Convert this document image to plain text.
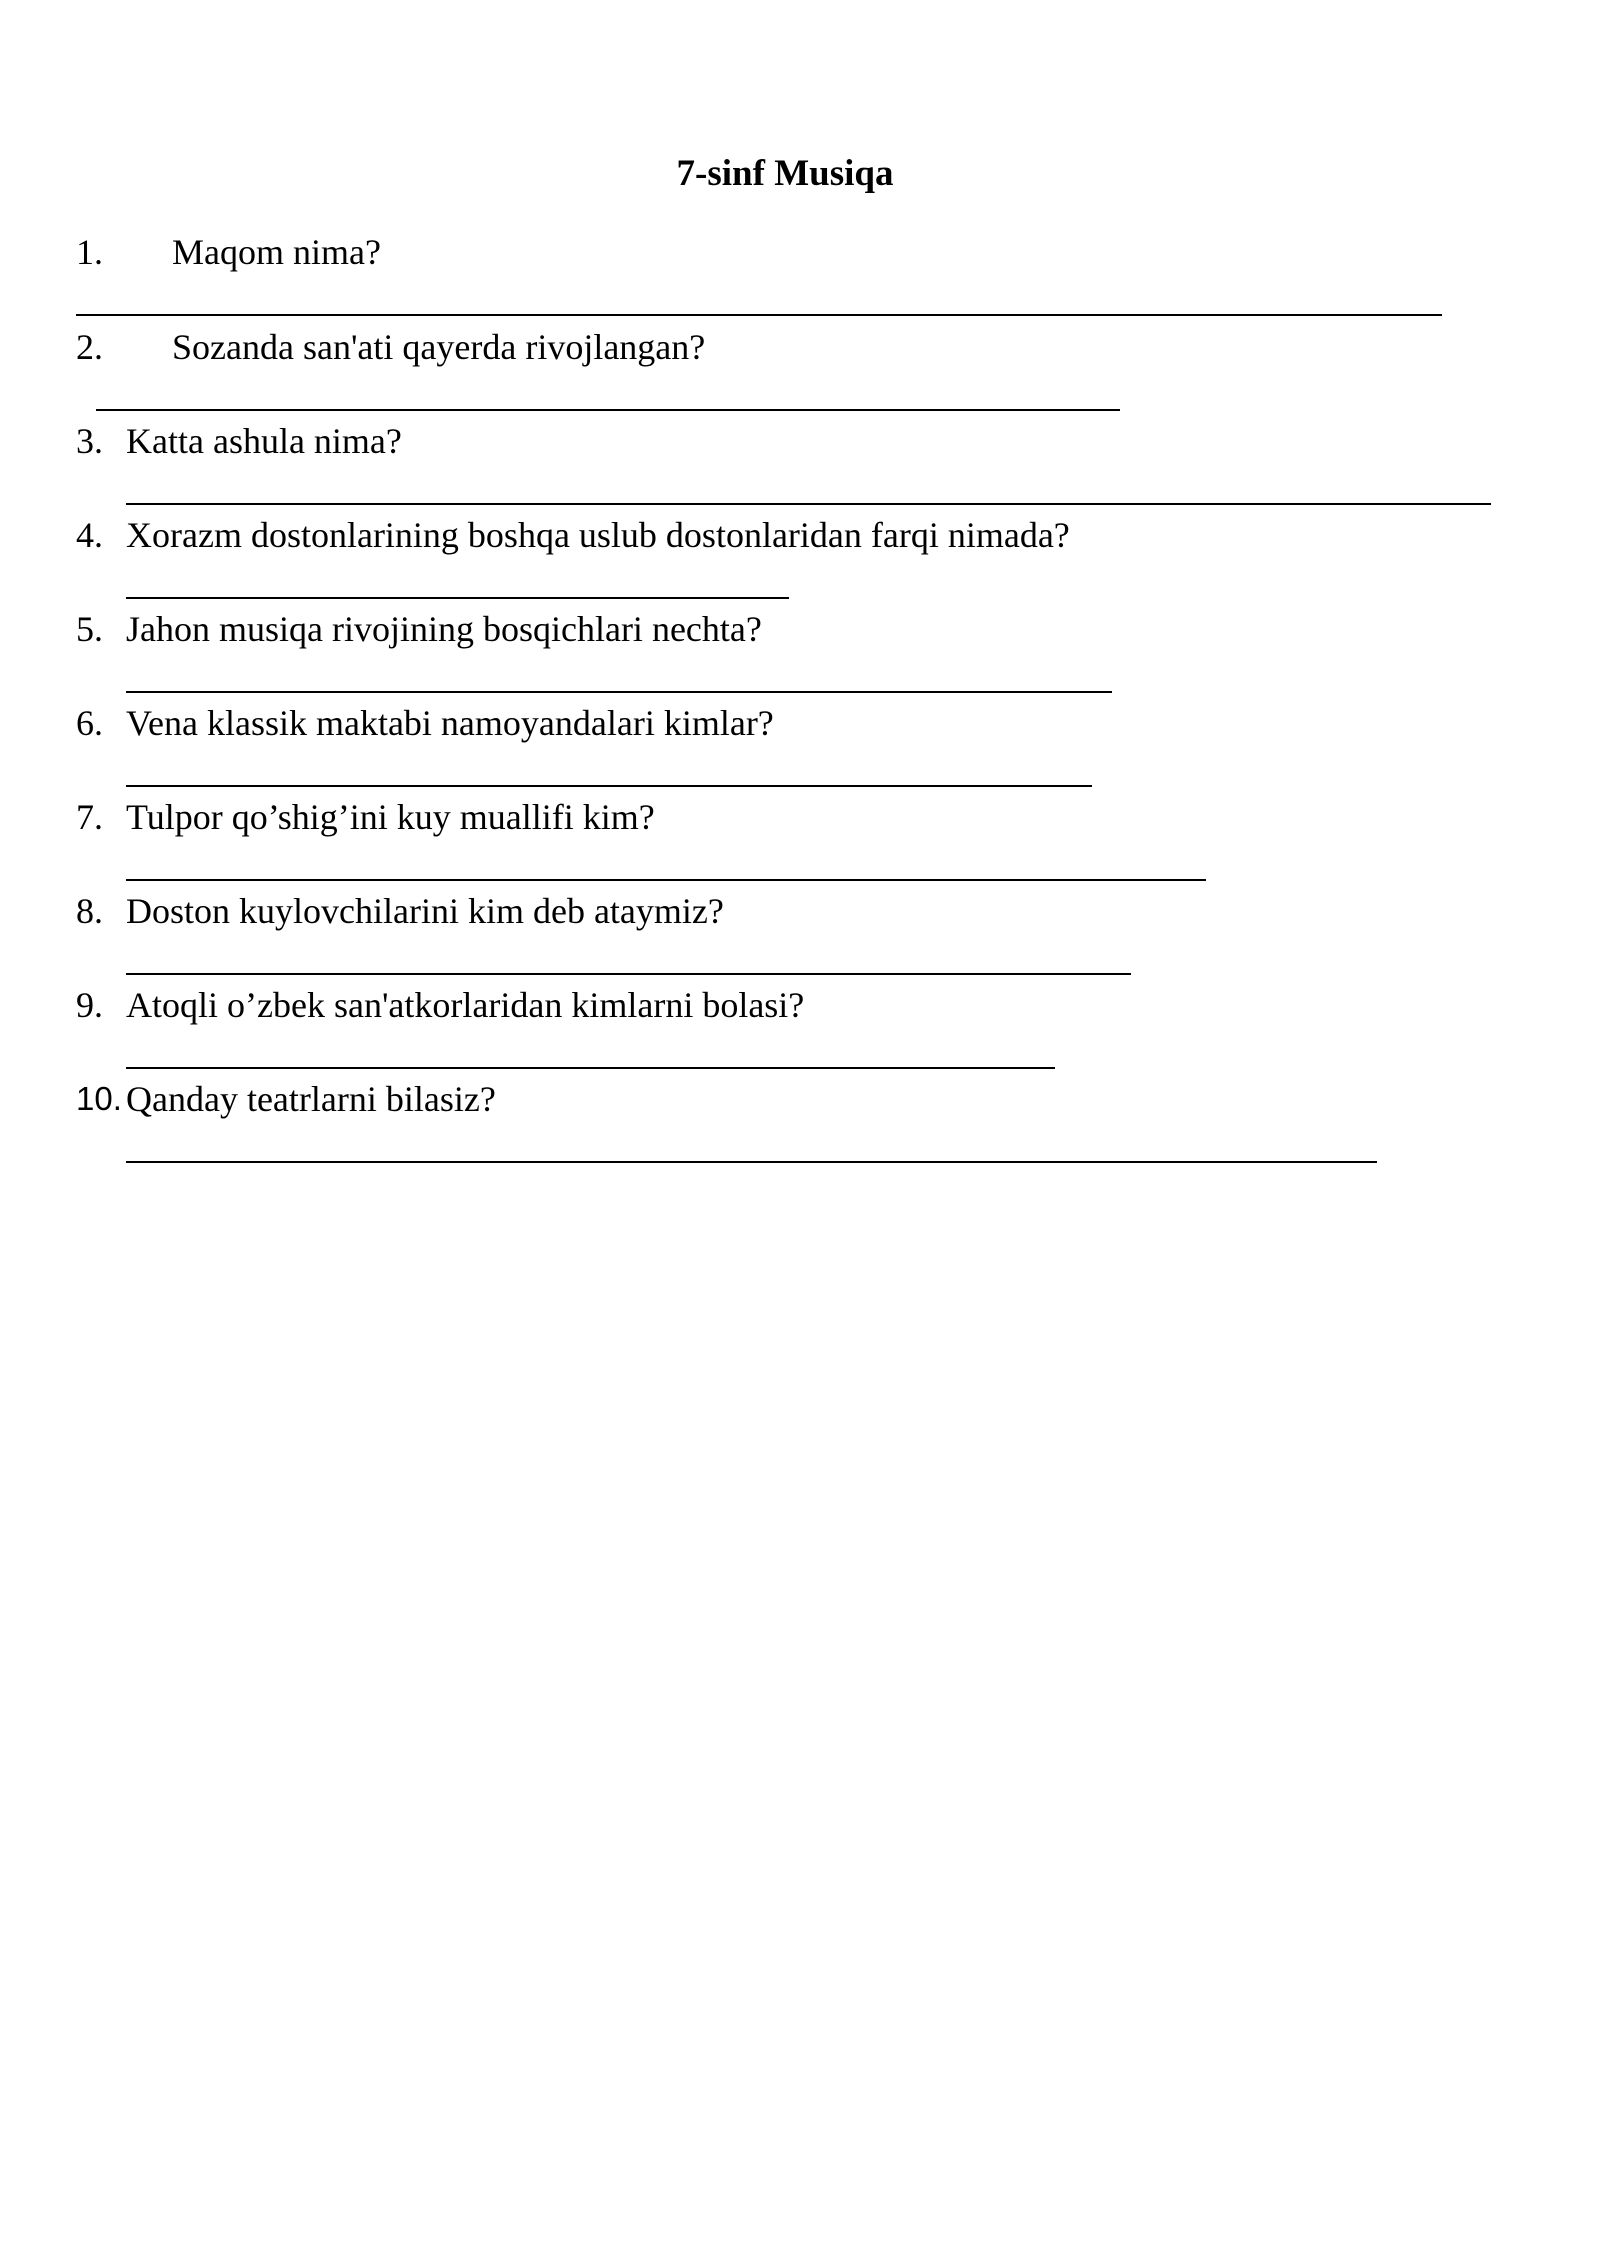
7-sinf Musiqa
1. Maqom nima?
2. Sozanda san'ati qayerda rivojlangan?
3. Katta ashula nima?
4. Xorazm dostonlarining boshqa uslub dostonlaridan farqi nimada?
5. Jahon musiqa rivojining bosqichlari nechta?
6. Vena klassik maktabi namoyandalari kimlar?
7. Tulpor qo’shig’ini kuy muallifi kim?
8. Doston kuylovchilarini kim deb ataymiz?
9. Atoqli o’zbek san'atkorlaridan kimlarni bolasi?
10. Qanday teatrlarni bilasiz?
